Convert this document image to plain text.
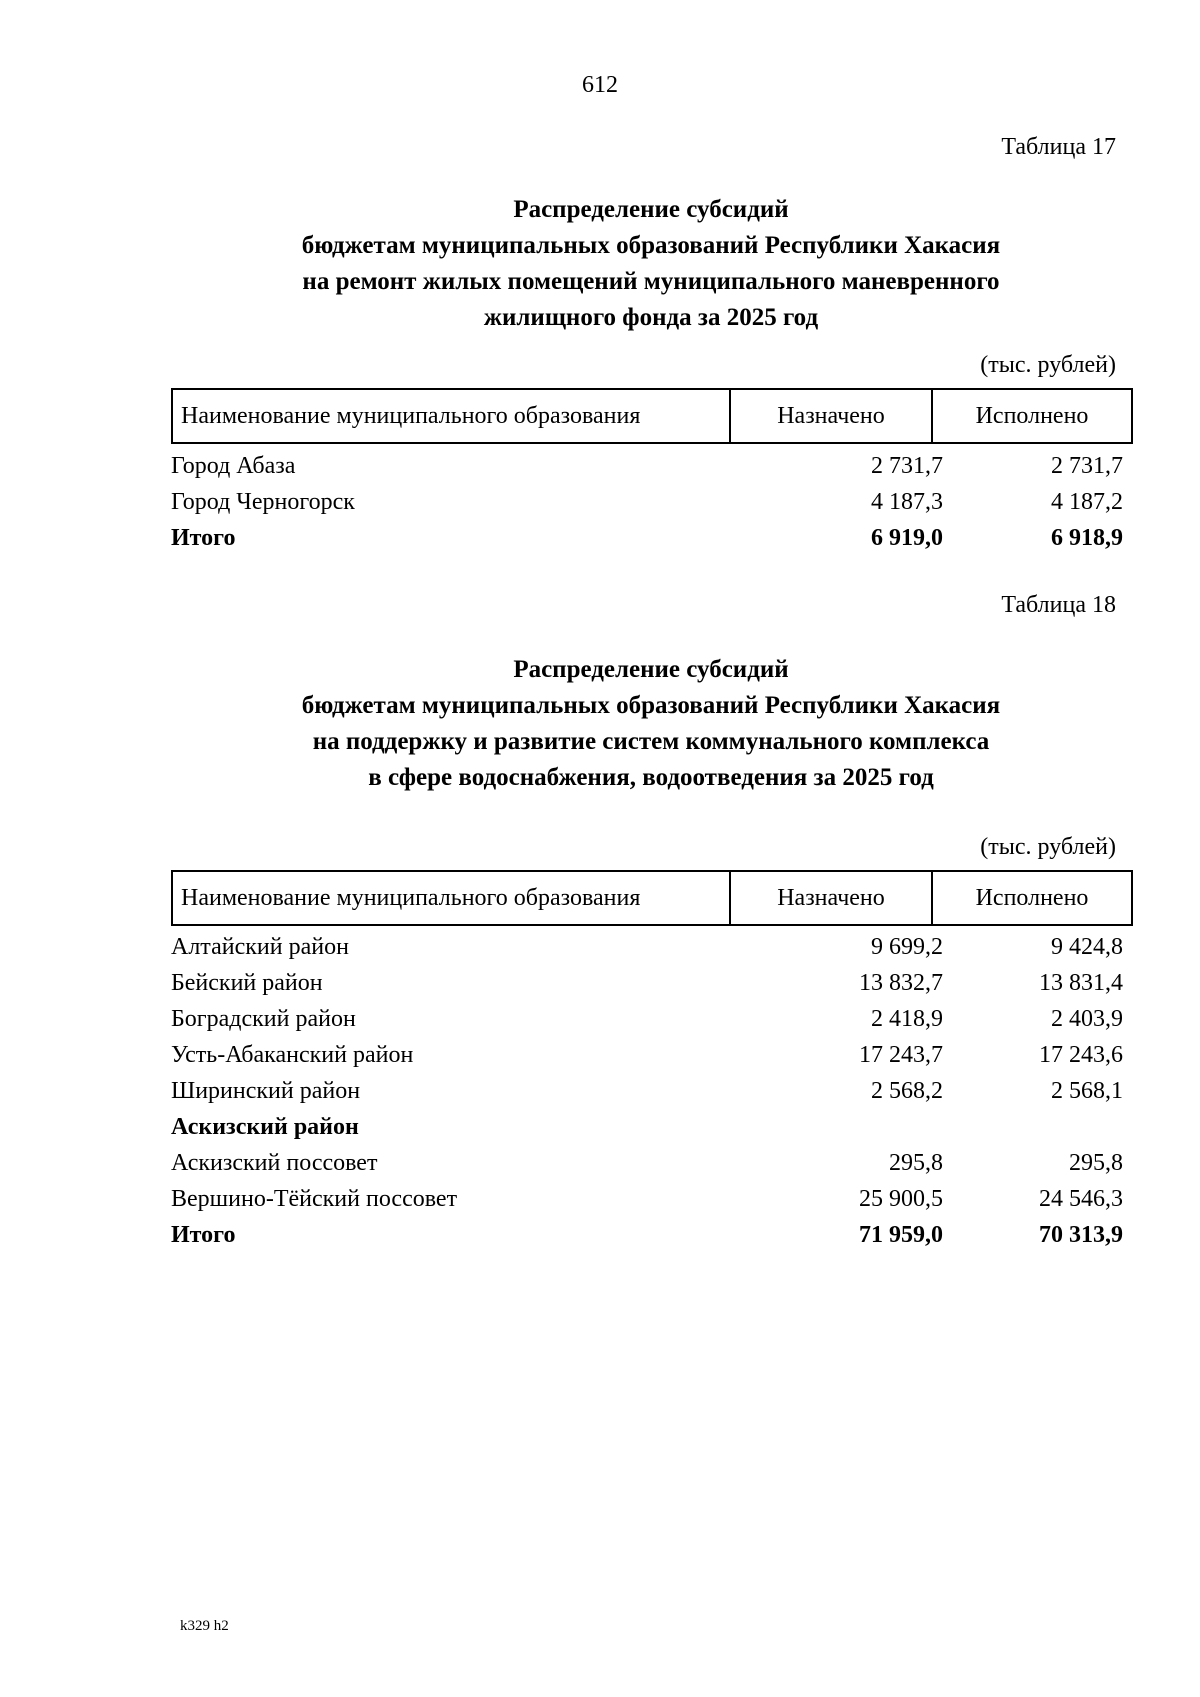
612
Таблица 17
Распределение субсидий
бюджетам муниципальных образований Республики Хакасия
на ремонт жилых помещений муниципального маневренного
жилищного фонда за 2025 год
(тыс. рублей)
Наименование муниципального образования	Назначено	Исполнено
Город Абаза	2 731,7	2 731,7
Город Черногорск	4 187,3	4 187,2
Итого	6 919,0	6 918,9
Таблица 18
Распределение субсидий
бюджетам муниципальных образований Республики Хакасия
на поддержку и развитие систем коммунального комплекса
в сфере водоснабжения, водоотведения за 2025 год
(тыс. рублей)
Наименование муниципального образования	Назначено	Исполнено
Алтайский район	9 699,2	9 424,8
Бейский район	13 832,7	13 831,4
Боградский район	2 418,9	2 403,9
Усть-Абаканский район	17 243,7	17 243,6
Ширинский район	2 568,2	2 568,1
Аскизский район
Аскизский поссовет	295,8	295,8
Вершино-Тёйский поссовет	25 900,5	24 546,3
Итого	71 959,0	70 313,9
k329 h2
